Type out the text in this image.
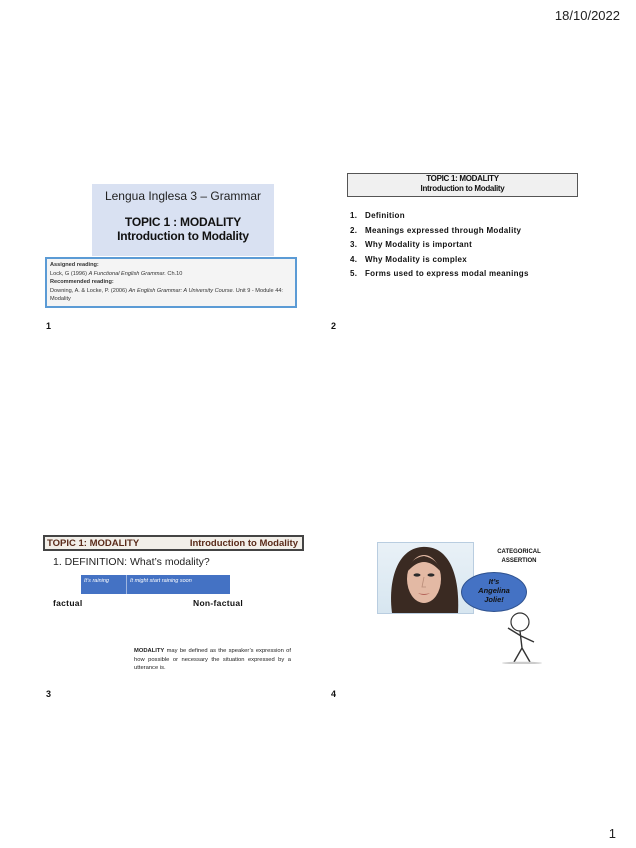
18/10/2022
Lengua Inglesa 3 – Grammar
TOPIC 1 : MODALITY
Introduction to Modality
Assigned reading:
Lock, G (1996) A Functional English Grammar. Ch.10
Recommended reading:
Downing, A. & Locke, P. (2006) An English Grammar: A University Course. Unit 9 - Module 44: Modality
1
TOPIC 1: MODALITY
Introduction to Modality
1. Definition
2. Meanings expressed through Modality
3. Why Modality is important
4. Why Modality is complex
5. Forms used to express modal meanings
2
TOPIC 1: MODALITY	Introduction to Modality
1. DEFINITION: What’s modality?
It’s raining	It might start raining soon
factual	Non-factual
MODALITY may be defined as the speaker’s expression of how possible or necessary the situation expressed by a utterance is.
3
CATEGORICAL ASSERTION
It’s
Angelina
Jolie!
4
1
